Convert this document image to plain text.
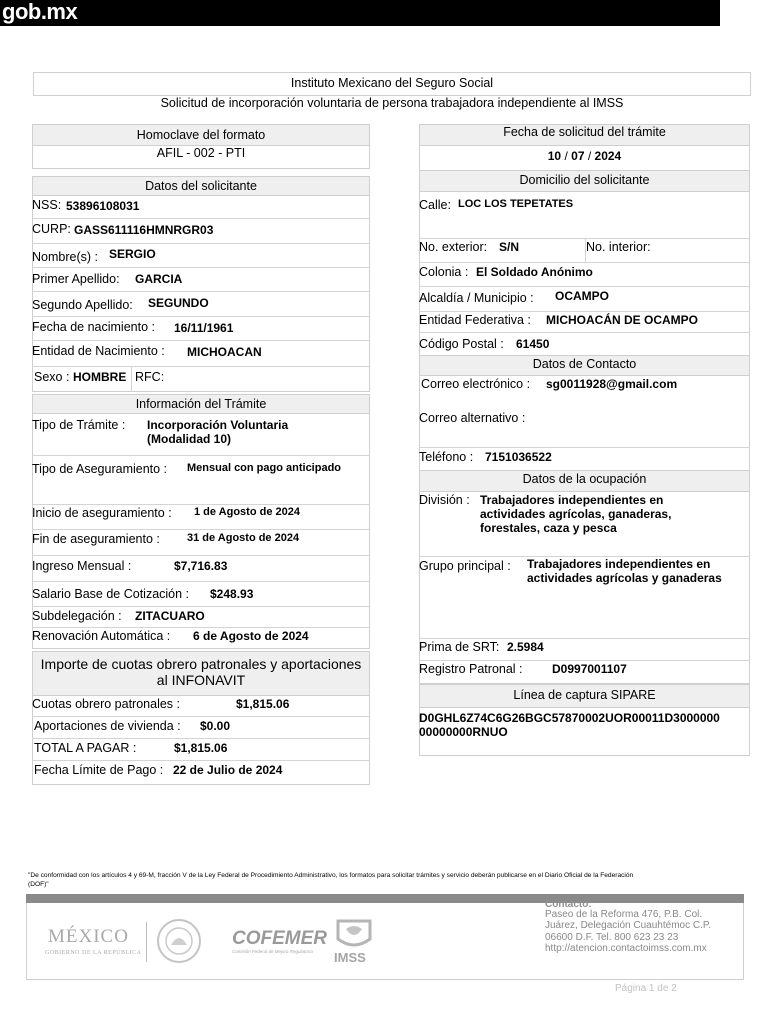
gob.mx
Instituto Mexicano del Seguro Social
Solicitud de incorporación voluntaria de persona trabajadora independiente al IMSS
Homoclave del formato
AFIL - 002 - PTI
Datos del solicitante
NSS: 53896108031
CURP: GASS611116HMNRGR03
Nombre(s) : SERGIO
Primer Apellido: GARCIA
Segundo Apellido: SEGUNDO
Fecha de nacimiento : 16/11/1961
Entidad de Nacimiento : MICHOACAN
Sexo : HOMBRE RFC:
Información del Trámite
Tipo de Trámite : Incorporación Voluntaria
(Modalidad 10)
Tipo de Aseguramiento : Mensual con pago anticipado
Inicio de aseguramiento : 1 de Agosto de 2024
Fin de aseguramiento : 31 de Agosto de 2024
Ingreso Mensual :	$7,716.83
Salario Base de Cotización : $248.93
Subdelegación : ZITACUARO
Renovación Automática : 6 de Agosto de 2024
Importe de cuotas obrero patronales y aportaciones
al INFONAVIT
Cuotas obrero patronales :	$1,815.06
Aportaciones de vivienda : $0.00
TOTAL A PAGAR :	$1,815.06
Fecha Límite de Pago : 22 de Julio de 2024
Fecha de solicitud del trámite
10 / 07 / 2024
Domicilio del solicitante
Calle: LOC LOS TEPETATES
No. exterior: S/N	No. interior:
Colonia : El Soldado Anónimo
Alcaldía / Municipio : OCAMPO
Entidad Federativa : MICHOACÁN DE OCAMPO
Código Postal : 61450
Datos de Contacto
Correo electrónico : sg0011928@gmail.com
Correo alternativo :
Teléfono : 7151036522
Datos de la ocupación
División : Trabajadores independientes en
actividades agrícolas, ganaderas,
forestales, caza y pesca
Grupo principal : Trabajadores independientes en
actividades agrícolas y ganaderas
Prima de SRT: 2.5984
Registro Patronal : D0997001107
Línea de captura SIPARE
D0GHL6Z74C6G26BGC57870002UOR00011D3000000
00000000RNUO
"De conformidad con los artículos 4 y 69-M, fracción V de la Ley Federal de Procedimiento Administrativo, los formatos para solicitar trámites y servicio deberán publicarse en el Diario Oficial de la Federación
(DOF)"
MÉXICO
GOBIERNO DE LA REPÚBLICA
COFEMER
Comisión Federal de Mejora Regulatoria IMSS
Contacto:
Paseo de la Reforma 476, P.B. Col.
Juárez, Delegación Cuauhtémoc C.P.
06600 D.F. Tel. 800 623 23 23
http://atencion.contactoimss.com.mx
Página 1 de 2
